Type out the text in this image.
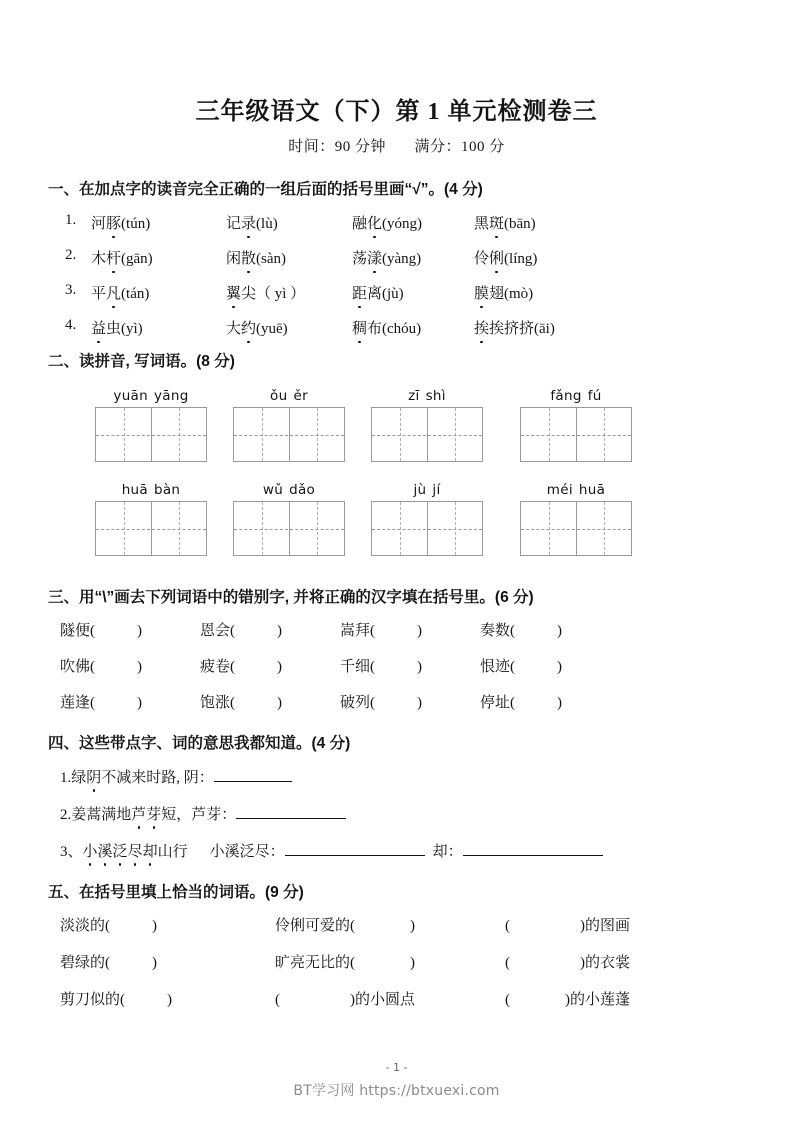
三年级语文（下）第 1 单元检测卷三

时间：90 分钟 满分：100 分

一、在加点字的读音完全正确的一组后面的括号里画“√”。(4 分)

1. 河豚(tún)	记录(lù)	融化(yóng)	黑斑(bān)
2. 木杆(gān)	闲散(sàn)	荡漾(yàng)	伶俐(líng)
3. 平凡(tán)	翼尖（ yì ）	距离(jù)	膜翅(mò)
4. 益虫(yì)	大约(yuē)	稠布(chóu)	挨挨挤挤(āi)

二、读拼音, 写词语。(8 分)

yuān yāng	ǒu ěr	zī shì	fǎng fú
huā bàn	wǔ dǎo	jù jí	méi huā

三、用“\”画去下列词语中的错别字, 并将正确的汉字填在括号里。(6 分)

隧便(	)	恩会(	)	嵩拜(	)	奏数(	)
吹佛(	)	疲卷(	)	千细(	)	恨迹(	)
莲逢(	)	饱涨(	)	破列(	)	停址(	)

四、这些带点字、词的意思我都知道。(4 分)

1.绿阴不减来时路, 阴：
2.姜蒿满地芦芽短，芦芽：
3、小溪泛尽却山行 小溪泛尽：	却：

五、在括号里填上恰当的词语。(9 分)

淡淡的(	)	伶俐可爱的(	)	(	)的图画
碧绿的(	)	旷亮无比的(	)	(	)的衣裳
剪刀似的(	)	(	)的小圆点	(	)的小莲蓬
- 1 -
BT学习网 https://btxuexi.com
